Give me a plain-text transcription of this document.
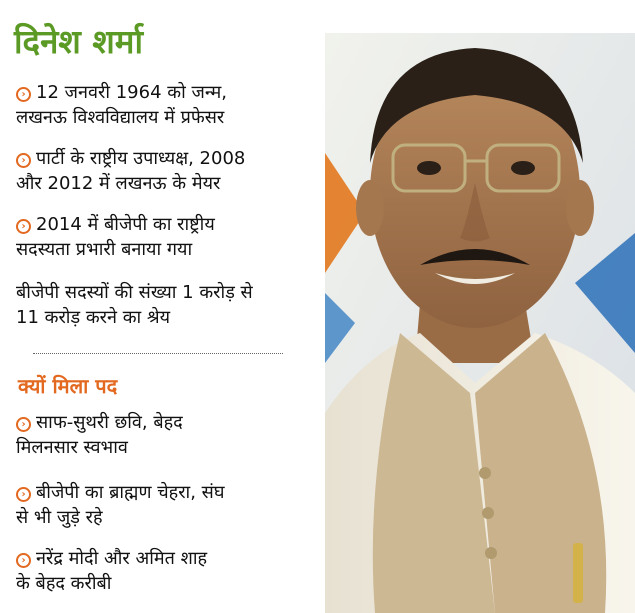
दिनेश शर्मा
› 12 जनवरी 1964 को जन्म,
लखनऊ विश्वविद्यालय में प्रफेसर
› पार्टी के राष्ट्रीय उपाध्यक्ष, 2008
और 2012 में लखनऊ के मेयर
› 2014 में बीजेपी का राष्ट्रीय
सदस्यता प्रभारी बनाया गया
बीजेपी सदस्यों की संख्या 1 करोड़ से
11 करोड़ करने का श्रेय
क्यों मिला पद
› साफ-सुथरी छवि, बेहद
मिलनसार स्वभाव
› बीजेपी का ब्राह्मण चेहरा, संघ
से भी जुड़े रहे
› नरेंद्र मोदी और अमित शाह
के बेहद करीबी
